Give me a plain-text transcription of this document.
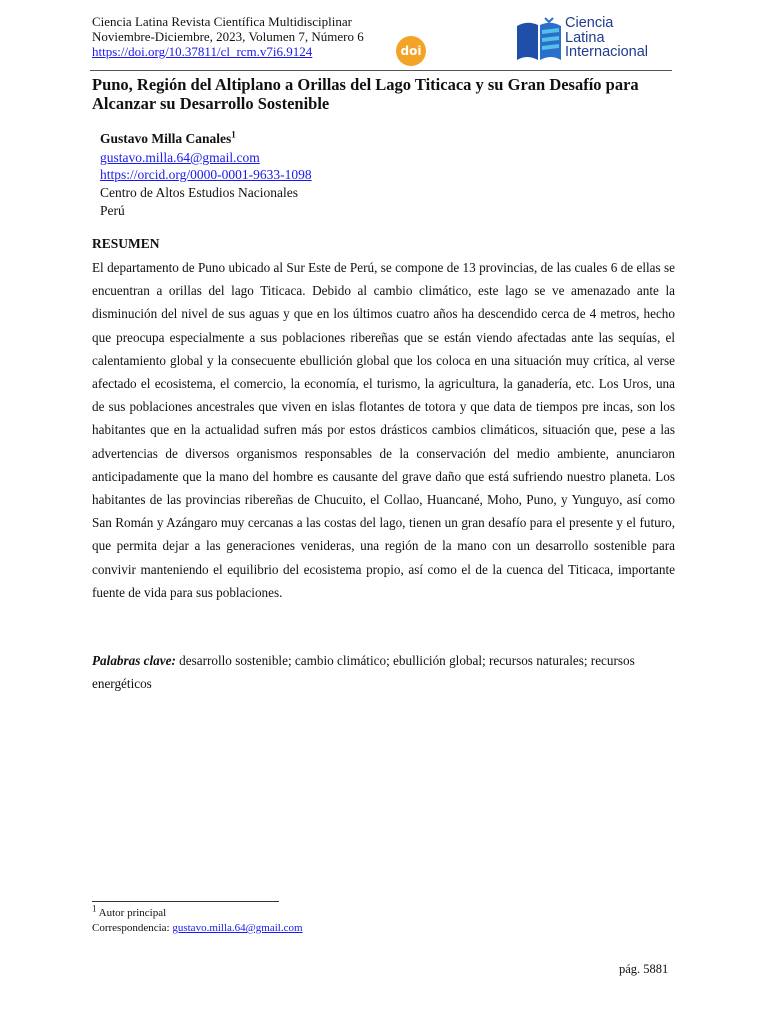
Ciencia Latina Revista Científica Multidisciplinar
Noviembre-Diciembre, 2023, Volumen 7, Número 6
https://doi.org/10.37811/cl_rcm.v7i6.9124	doi
Ciencia
Latina
Internacional
Puno, Región del Altiplano a Orillas del Lago Titicaca y su Gran Desafío para Alcanzar su Desarrollo Sostenible
Gustavo Milla Canales$^1$
gustavo.milla.64@gmail.com
https://orcid.org/0000-0001-9633-1098
Centro de Altos Estudios Nacionales
Perú
RESUMEN
El departamento de Puno ubicado al Sur Este de Perú, se compone de 13 provincias, de las cuales 6 de ellas se encuentran a orillas del lago Titicaca. Debido al cambio climático, este lago se ve amenazado ante la disminución del nivel de sus aguas y que en los últimos cuatro años ha descendido cerca de 4 metros, hecho que preocupa especialmente a sus poblaciones ribereñas que se están viendo afectadas ante las sequías, el calentamiento global y la consecuente ebullición global que los coloca en una situación muy crítica, al verse afectado el ecosistema, el comercio, la economía, el turismo, la agricultura, la ganadería, etc. Los Uros, una de sus poblaciones ancestrales que viven en islas flotantes de totora y que data de tiempos pre incas, son los habitantes que en la actualidad sufren más por estos drásticos cambios climáticos, situación que, pese a las advertencias de diversos organismos responsables de la conservación del medio ambiente, anunciaron anticipadamente que la mano del hombre es causante del grave daño que está sufriendo nuestro planeta. Los habitantes de las provincias ribereñas de Chucuito, el Collao, Huancané, Moho, Puno, y Yunguyo, así como San Román y Azángaro muy cercanas a las costas del lago, tienen un gran desafío para el presente y el futuro, que permita dejar a las generaciones venideras, una región de la mano con un desarrollo sostenible para convivir manteniendo el equilibrio del ecosistema propio, así como el de la cuenca del Titicaca, importante fuente de vida para sus poblaciones.
Palabras clave: desarrollo sostenible; cambio climático; ebullición global; recursos naturales; recursos energéticos
$^1$ Autor principal
Correspondencia: gustavo.milla.64@gmail.com
pág. 5881
